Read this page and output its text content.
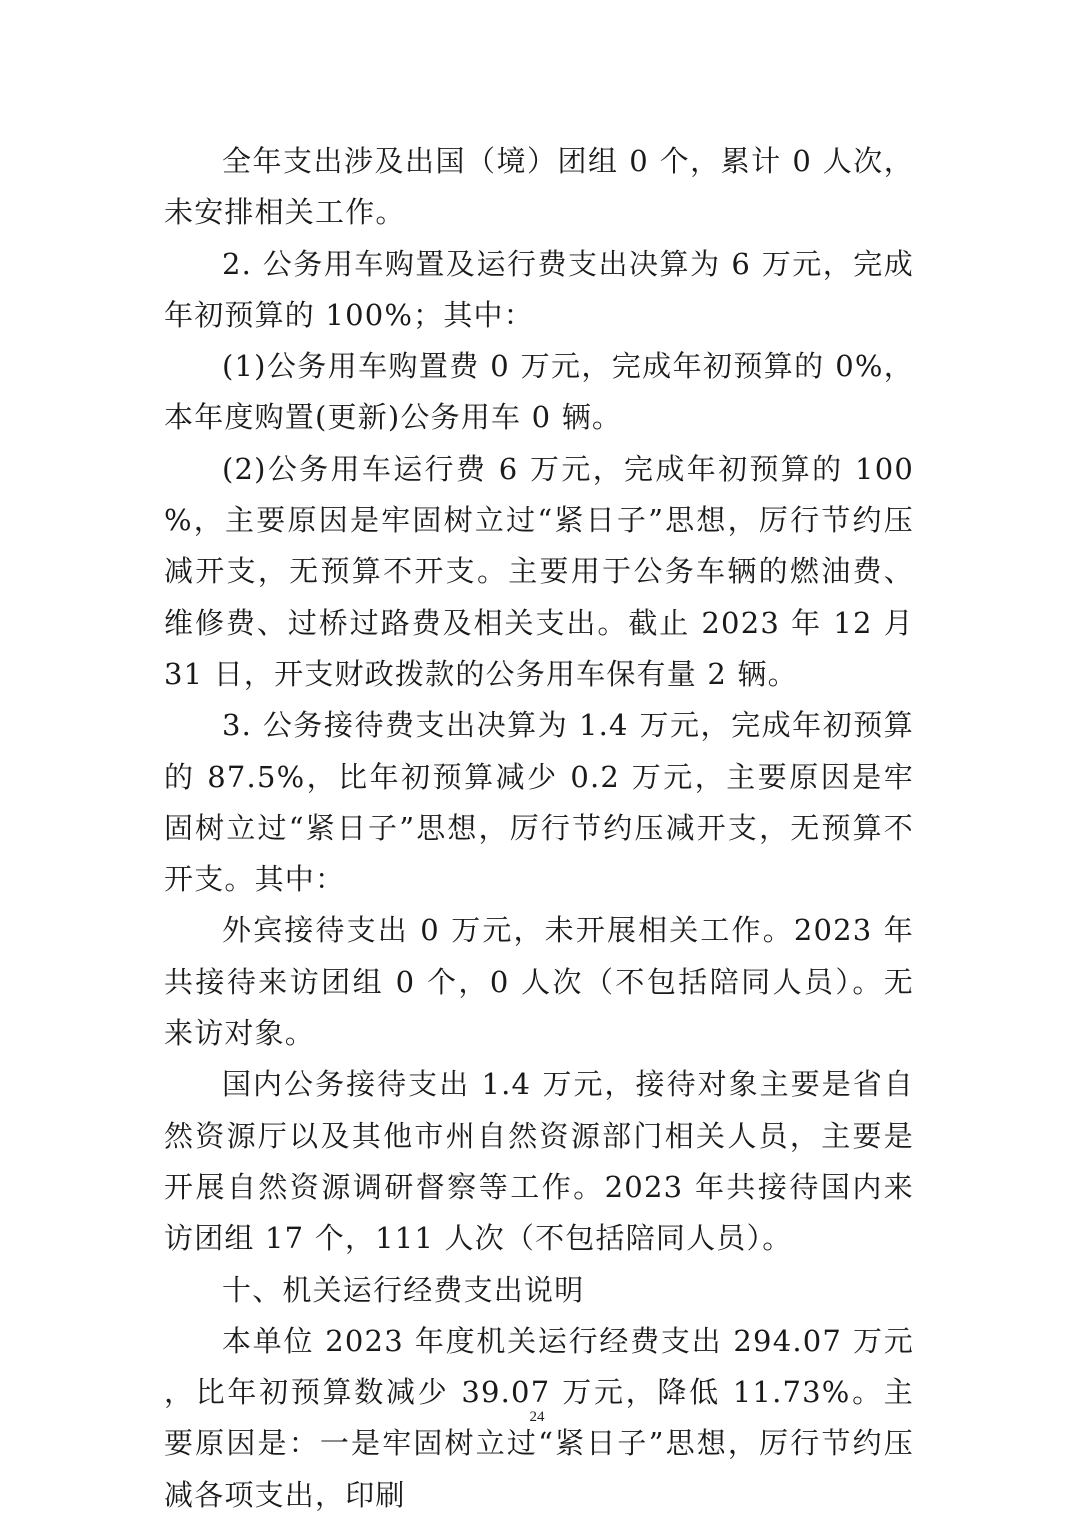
全年支出涉及出国（境）团组 0 个，累计 0 人次，未安排相关工作。

2. 公务用车购置及运行费支出决算为 6 万元，完成年初预算的 100%；其中：

(1)公务用车购置费 0 万元，完成年初预算的 0%，本年度购置(更新)公务用车 0 辆。

(2)公务用车运行费 6 万元，完成年初预算的 100%，主要原因是牢固树立过“紧日子”思想，厉行节约压减开支，无预算不开支。主要用于公务车辆的燃油费、维修费、过桥过路费及相关支出。截止 2023 年 12 月 31 日，开支财政拨款的公务用车保有量 2 辆。

3. 公务接待费支出决算为 1.4 万元，完成年初预算的 87.5%，比年初预算减少 0.2 万元，主要原因是牢固树立过“紧日子”思想，厉行节约压减开支，无预算不开支。其中：

外宾接待支出 0 万元，未开展相关工作。2023 年共接待来访团组 0 个，0 人次（不包括陪同人员）。无来访对象。

国内公务接待支出 1.4 万元，接待对象主要是省自然资源厅以及其他市州自然资源部门相关人员，主要是开展自然资源调研督察等工作。2023 年共接待国内来访团组 17 个，111 人次（不包括陪同人员）。

十、机关运行经费支出说明

本单位 2023 年度机关运行经费支出 294.07 万元，比年初预算数减少 39.07 万元，降低 11.73%。主要原因是：一是牢固树立过“紧日子”思想，厉行节约压减各项支出，印刷

24
